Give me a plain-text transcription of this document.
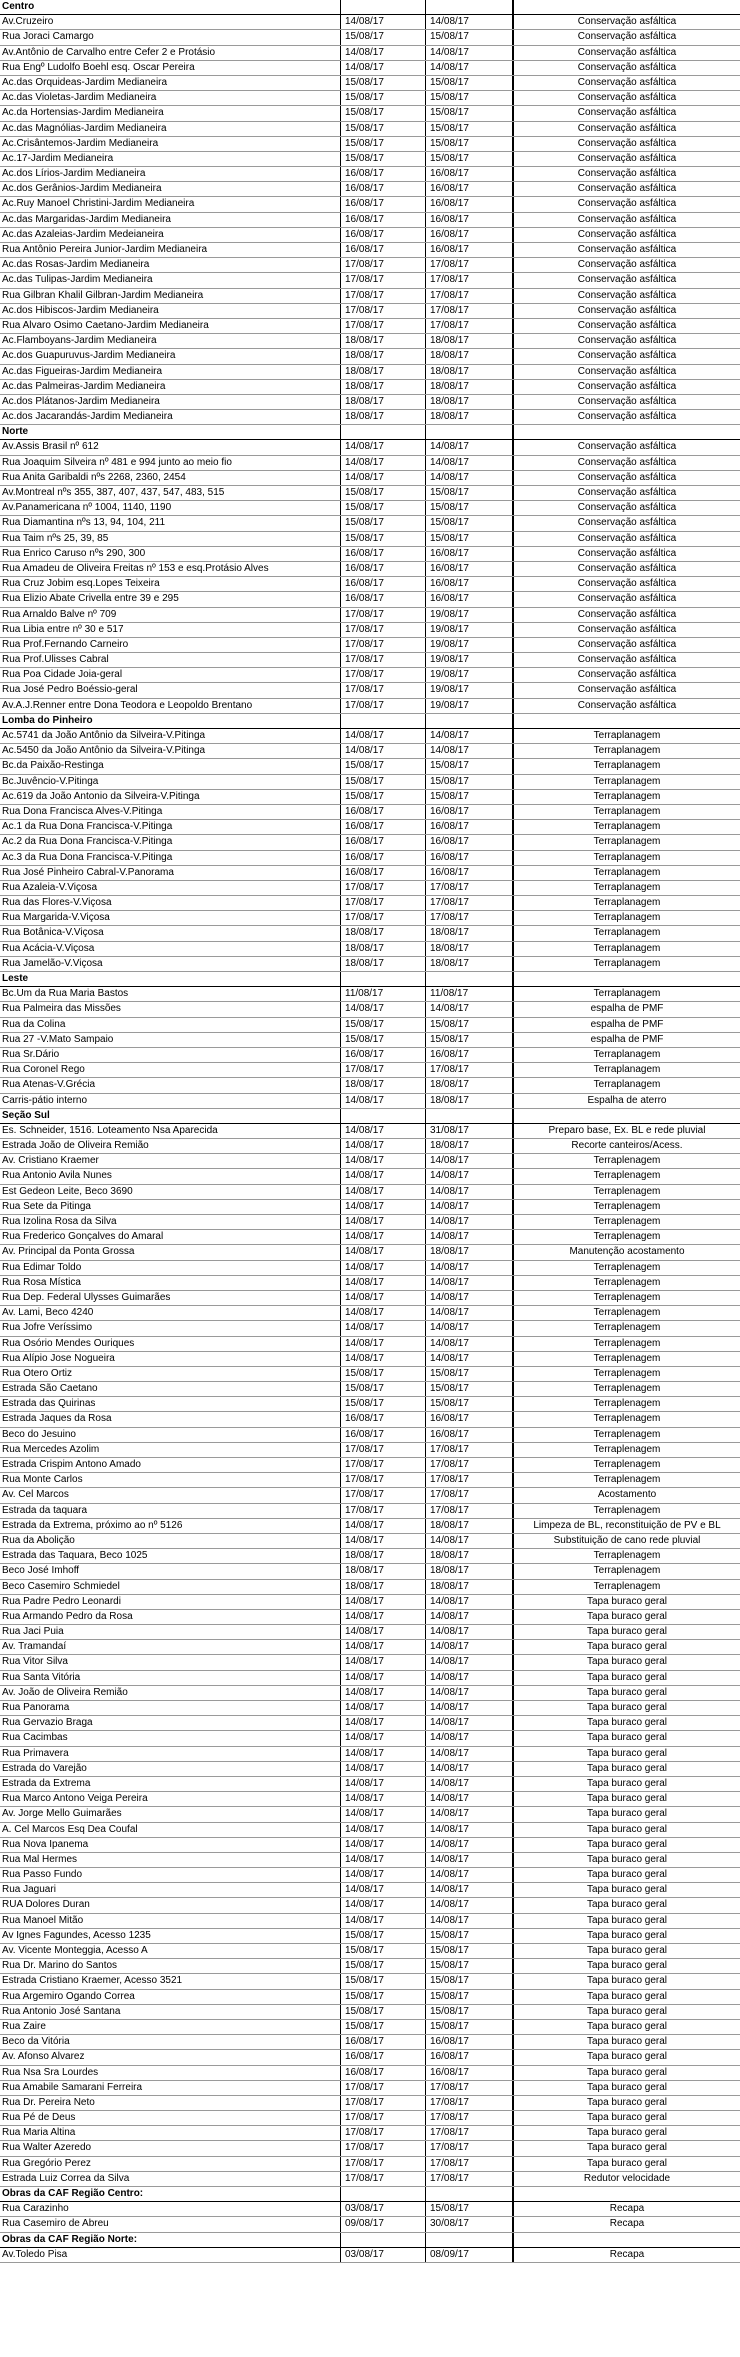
Centro
Av.Cruzeiro	14/08/17	14/08/17	Conservação asfáltica
Rua Joraci Camargo	15/08/17	15/08/17	Conservação asfáltica
Av.Antônio de Carvalho entre Cefer 2 e Protásio	14/08/17	14/08/17	Conservação asfáltica
Rua Engº Ludolfo Boehl esq. Oscar Pereira	14/08/17	14/08/17	Conservação asfáltica
Ac.das Orquideas-Jardim Medianeira	15/08/17	15/08/17	Conservação asfáltica
Ac.das Violetas-Jardim Medianeira	15/08/17	15/08/17	Conservação asfáltica
Ac.da Hortensias-Jardim Medianeira	15/08/17	15/08/17	Conservação asfáltica
Ac.das Magnólias-Jardim Medianeira	15/08/17	15/08/17	Conservação asfáltica
Ac.Crisântemos-Jardim Medianeira	15/08/17	15/08/17	Conservação asfáltica
Ac.17-Jardim Medianeira	15/08/17	15/08/17	Conservação asfáltica
Ac.dos Lírios-Jardim Medianeira	16/08/17	16/08/17	Conservação asfáltica
Ac.dos Gerânios-Jardim Medianeira	16/08/17	16/08/17	Conservação asfáltica
Ac.Ruy Manoel Christini-Jardim Medianeira	16/08/17	16/08/17	Conservação asfáltica
Ac.das Margaridas-Jardim Medianeira	16/08/17	16/08/17	Conservação asfáltica
Ac.das Azaleias-Jardim Medeianeira	16/08/17	16/08/17	Conservação asfáltica
Rua Antônio Pereira Junior-Jardim Medianeira	16/08/17	16/08/17	Conservação asfáltica
Ac.das Rosas-Jardim Medianeira	17/08/17	17/08/17	Conservação asfáltica
Ac.das Tulipas-Jardim Medianeira	17/08/17	17/08/17	Conservação asfáltica
Rua Gilbran Khalil Gilbran-Jardim Medianeira	17/08/17	17/08/17	Conservação asfáltica
Ac.dos Hibiscos-Jardim Medianeira	17/08/17	17/08/17	Conservação asfáltica
Rua Alvaro Osimo Caetano-Jardim Medianeira	17/08/17	17/08/17	Conservação asfáltica
Ac.Flamboyans-Jardim Medianeira	18/08/17	18/08/17	Conservação asfáltica
Ac.dos Guapuruvus-Jardim Medianeira	18/08/17	18/08/17	Conservação asfáltica
Ac.das Figueiras-Jardim Medianeira	18/08/17	18/08/17	Conservação asfáltica
Ac.das Palmeiras-Jardim Medianeira	18/08/17	18/08/17	Conservação asfáltica
Ac.dos Plátanos-Jardim Medianeira	18/08/17	18/08/17	Conservação asfáltica
Ac.dos Jacarandás-Jardim Medianeira	18/08/17	18/08/17	Conservação asfáltica
Norte
Av.Assis Brasil nº 612	14/08/17	14/08/17	Conservação asfáltica
Rua Joaquim Silveira nº 481 e 994 junto ao meio fio	14/08/17	14/08/17	Conservação asfáltica
Rua Anita Garibaldi nºs 2268, 2360, 2454	14/08/17	14/08/17	Conservação asfáltica
Av.Montreal nºs 355, 387, 407, 437, 547, 483, 515	15/08/17	15/08/17	Conservação asfáltica
Av.Panamericana nº 1004, 1140, 1190	15/08/17	15/08/17	Conservação asfáltica
Rua Diamantina nºs 13, 94, 104, 211	15/08/17	15/08/17	Conservação asfáltica
Rua Taim nºs 25, 39, 85	15/08/17	15/08/17	Conservação asfáltica
Rua Enrico Caruso nºs 290, 300	16/08/17	16/08/17	Conservação asfáltica
Rua Amadeu de Oliveira Freitas nº 153 e esq.Protásio Alves	16/08/17	16/08/17	Conservação asfáltica
Rua Cruz Jobim esq.Lopes Teixeira	16/08/17	16/08/17	Conservação asfáltica
Rua Elizio Abate Crivella entre 39 e 295	16/08/17	16/08/17	Conservação asfáltica
Rua Arnaldo Balve nº 709	17/08/17	19/08/17	Conservação asfáltica
Rua Libia entre nº 30 e 517	17/08/17	19/08/17	Conservação asfáltica
Rua Prof.Fernando Carneiro	17/08/17	19/08/17	Conservação asfáltica
Rua Prof.Ulisses Cabral	17/08/17	19/08/17	Conservação asfáltica
Rua Poa Cidade Joia-geral	17/08/17	19/08/17	Conservação asfáltica
Rua José Pedro Boéssio-geral	17/08/17	19/08/17	Conservação asfáltica
Av.A.J.Renner entre Dona Teodora e Leopoldo Brentano	17/08/17	19/08/17	Conservação asfáltica
Lomba do Pinheiro
Ac.5741 da João Antônio da Silveira-V.Pitinga	14/08/17	14/08/17	Terraplanagem
Ac.5450 da João Antônio da Silveira-V.Pitinga	14/08/17	14/08/17	Terraplanagem
Bc.da Paixão-Restinga	15/08/17	15/08/17	Terraplanagem
Bc.Juvêncio-V.Pitinga	15/08/17	15/08/17	Terraplanagem
Ac.619 da João Antonio da Silveira-V.Pitinga	15/08/17	15/08/17	Terraplanagem
Rua Dona Francisca Alves-V.Pitinga	16/08/17	16/08/17	Terraplanagem
Ac.1 da Rua Dona Francisca-V.Pitinga	16/08/17	16/08/17	Terraplanagem
Ac.2 da Rua Dona Francisca-V.Pitinga	16/08/17	16/08/17	Terraplanagem
Ac.3 da Rua Dona Francisca-V.Pitinga	16/08/17	16/08/17	Terraplanagem
Rua José Pinheiro Cabral-V.Panorama	16/08/17	16/08/17	Terraplanagem
Rua Azaleia-V.Viçosa	17/08/17	17/08/17	Terraplanagem
Rua das Flores-V.Viçosa	17/08/17	17/08/17	Terraplanagem
Rua Margarida-V.Viçosa	17/08/17	17/08/17	Terraplanagem
Rua Botânica-V.Viçosa	18/08/17	18/08/17	Terraplanagem
Rua Acácia-V.Viçosa	18/08/17	18/08/17	Terraplanagem
Rua Jamelão-V.Viçosa	18/08/17	18/08/17	Terraplanagem
Leste
Bc.Um da Rua Maria Bastos	11/08/17	11/08/17	Terraplanagem
Rua Palmeira das Missões	14/08/17	14/08/17	espalha de PMF
Rua da Colina	15/08/17	15/08/17	espalha de PMF
Rua 27 -V.Mato Sampaio	15/08/17	15/08/17	espalha de PMF
Rua Sr.Dário	16/08/17	16/08/17	Terraplanagem
Rua Coronel Rego	17/08/17	17/08/17	Terraplanagem
Rua Atenas-V.Grécia	18/08/17	18/08/17	Terraplanagem
Carris-pátio interno	14/08/17	18/08/17	Espalha de aterro
Seção Sul
Es. Schneider, 1516. Loteamento Nsa Aparecida	14/08/17	31/08/17	Preparo base, Ex. BL e rede pluvial
Estrada João de Oliveira Remião	14/08/17	18/08/17	Recorte canteiros/Acess.
Av. Cristiano Kraemer	14/08/17	14/08/17	Terraplenagem
Rua Antonio Avila Nunes	14/08/17	14/08/17	Terraplenagem
Est Gedeon Leite, Beco 3690	14/08/17	14/08/17	Terraplenagem
Rua Sete da Pitinga	14/08/17	14/08/17	Terraplenagem
Rua Izolina Rosa da Silva	14/08/17	14/08/17	Terraplenagem
Rua Frederico Gonçalves do Amaral	14/08/17	14/08/17	Terraplenagem
Av. Principal da Ponta Grossa	14/08/17	18/08/17	Manutenção acostamento
Rua Edimar Toldo	14/08/17	14/08/17	Terraplenagem
Rua Rosa Mística	14/08/17	14/08/17	Terraplenagem
Rua Dep. Federal Ulysses Guimarães	14/08/17	14/08/17	Terraplenagem
Av. Lami, Beco 4240	14/08/17	14/08/17	Terraplenagem
Rua Jofre Veríssimo	14/08/17	14/08/17	Terraplenagem
Rua Osório Mendes Ouriques	14/08/17	14/08/17	Terraplenagem
Rua Alípio Jose Nogueira	14/08/17	14/08/17	Terraplenagem
Rua Otero Ortiz	15/08/17	15/08/17	Terraplenagem
Estrada São Caetano	15/08/17	15/08/17	Terraplenagem
Estrada das Quirinas	15/08/17	15/08/17	Terraplenagem
Estrada Jaques da Rosa	16/08/17	16/08/17	Terraplenagem
Beco do Jesuino	16/08/17	16/08/17	Terraplenagem
Rua Mercedes Azolim	17/08/17	17/08/17	Terraplenagem
Estrada Crispim Antono Amado	17/08/17	17/08/17	Terraplenagem
Rua Monte Carlos	17/08/17	17/08/17	Terraplenagem
Av. Cel Marcos	17/08/17	17/08/17	Acostamento
Estrada da taquara	17/08/17	17/08/17	Terraplenagem
Estrada da Extrema, próximo ao nº 5126	14/08/17	18/08/17	Limpeza de BL, reconstituição de PV e BL
Rua da Abolição	14/08/17	14/08/17	Substituição de cano rede pluvial
Estrada das Taquara, Beco 1025	18/08/17	18/08/17	Terraplenagem
Beco José Imhoff	18/08/17	18/08/17	Terraplenagem
Beco Casemiro Schmiedel	18/08/17	18/08/17	Terraplenagem
Rua Padre Pedro Leonardi	14/08/17	14/08/17	Tapa buraco geral
Rua Armando Pedro da Rosa	14/08/17	14/08/17	Tapa buraco geral
Rua Jaci Puia	14/08/17	14/08/17	Tapa buraco geral
Av. Tramandaí	14/08/17	14/08/17	Tapa buraco geral
Rua Vitor Silva	14/08/17	14/08/17	Tapa buraco geral
Rua Santa Vitória	14/08/17	14/08/17	Tapa buraco geral
Av. João de Oliveira Remião	14/08/17	14/08/17	Tapa buraco geral
Rua Panorama	14/08/17	14/08/17	Tapa buraco geral
Rua Gervazio Braga	14/08/17	14/08/17	Tapa buraco geral
Rua Cacimbas	14/08/17	14/08/17	Tapa buraco geral
Rua Primavera	14/08/17	14/08/17	Tapa buraco geral
Estrada do Varejão	14/08/17	14/08/17	Tapa buraco geral
Estrada da Extrema	14/08/17	14/08/17	Tapa buraco geral
Rua Marco Antono Veiga Pereira	14/08/17	14/08/17	Tapa buraco geral
Av. Jorge Mello Guimarães	14/08/17	14/08/17	Tapa buraco geral
A. Cel Marcos Esq Dea Coufal	14/08/17	14/08/17	Tapa buraco geral
Rua Nova Ipanema	14/08/17	14/08/17	Tapa buraco geral
Rua Mal Hermes	14/08/17	14/08/17	Tapa buraco geral
Rua Passo Fundo	14/08/17	14/08/17	Tapa buraco geral
Rua Jaguari	14/08/17	14/08/17	Tapa buraco geral
RUA Dolores Duran	14/08/17	14/08/17	Tapa buraco geral
Rua Manoel Mitão	14/08/17	14/08/17	Tapa buraco geral
Av Ignes Fagundes, Acesso 1235	15/08/17	15/08/17	Tapa buraco geral
Av. Vicente Monteggia, Acesso A	15/08/17	15/08/17	Tapa buraco geral
Rua Dr. Marino do Santos	15/08/17	15/08/17	Tapa buraco geral
Estrada Cristiano Kraemer, Acesso 3521	15/08/17	15/08/17	Tapa buraco geral
Rua Argemiro Ogando Correa	15/08/17	15/08/17	Tapa buraco geral
Rua Antonio José Santana	15/08/17	15/08/17	Tapa buraco geral
Rua Zaire	15/08/17	15/08/17	Tapa buraco geral
Beco da Vitória	16/08/17	16/08/17	Tapa buraco geral
Av. Afonso Alvarez	16/08/17	16/08/17	Tapa buraco geral
Rua Nsa Sra Lourdes	16/08/17	16/08/17	Tapa buraco geral
Rua Amabile Samarani Ferreira	17/08/17	17/08/17	Tapa buraco geral
Rua Dr. Pereira Neto	17/08/17	17/08/17	Tapa buraco geral
Rua Pé de Deus	17/08/17	17/08/17	Tapa buraco geral
Rua Maria Altina	17/08/17	17/08/17	Tapa buraco geral
Rua Walter Azeredo	17/08/17	17/08/17	Tapa buraco geral
Rua Gregório Perez	17/08/17	17/08/17	Tapa buraco geral
Estrada Luiz Correa da Silva	17/08/17	17/08/17	Redutor velocidade
Obras da CAF Região Centro:
Rua Carazinho	03/08/17	15/08/17	Recapa
Rua Casemiro de Abreu	09/08/17	30/08/17	Recapa
Obras da CAF Região Norte:
Av.Toledo Pisa	03/08/17	08/09/17	Recapa
